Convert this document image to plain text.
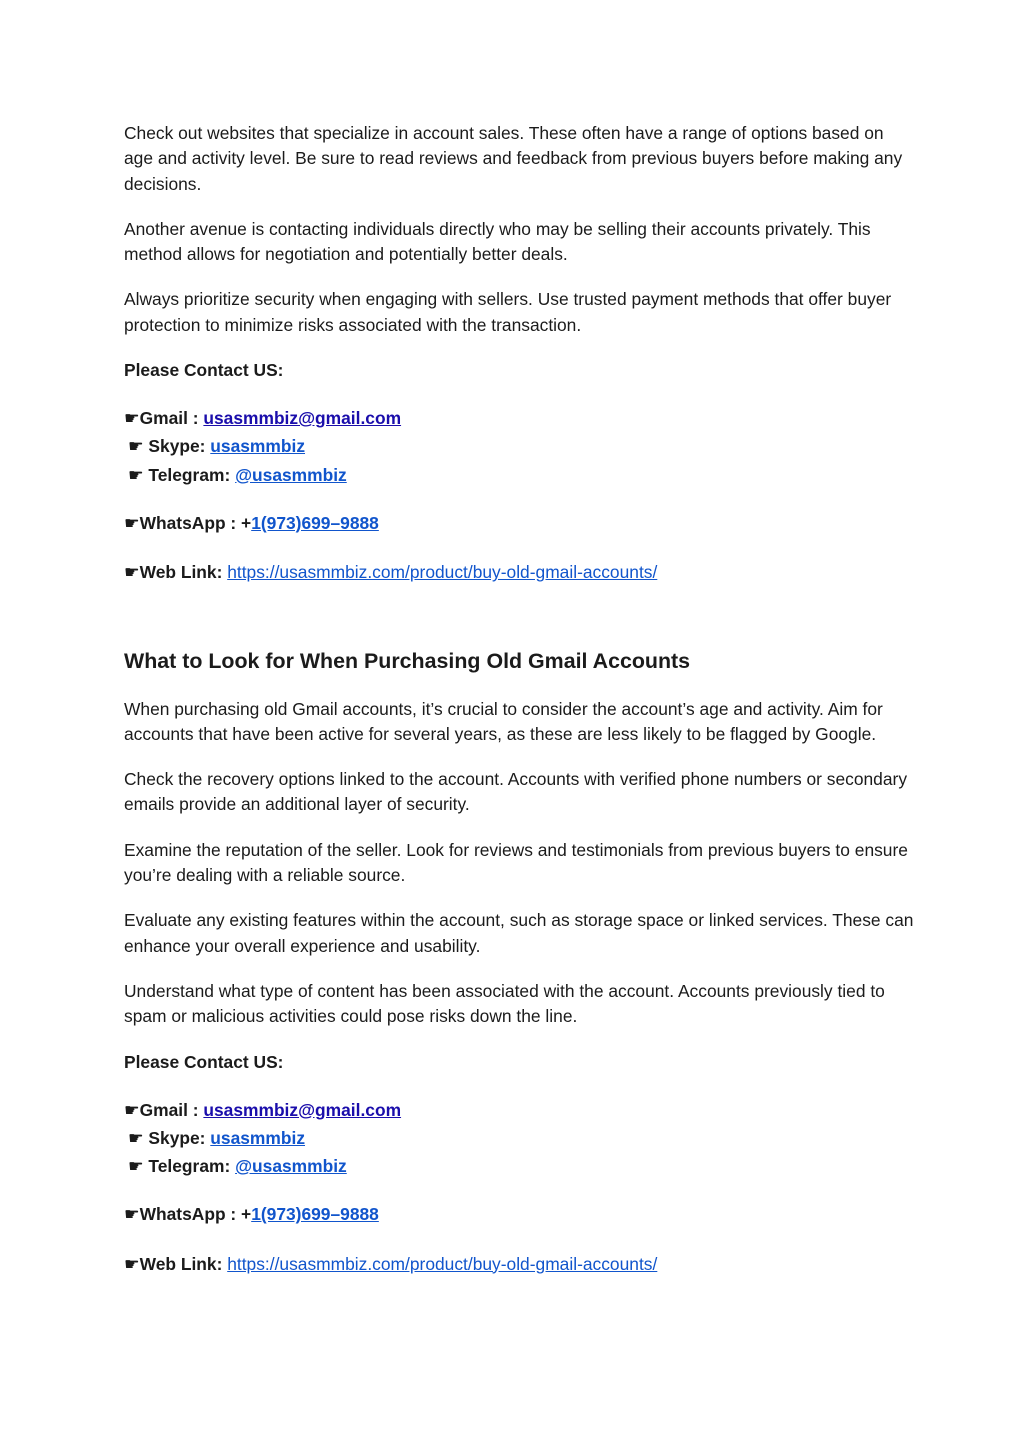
Check out websites that specialize in account sales. These often have a range of options based on age and activity level. Be sure to read reviews and feedback from previous buyers before making any decisions.

Another avenue is contacting individuals directly who may be selling their accounts privately. This method allows for negotiation and potentially better deals.

Always prioritize security when engaging with sellers. Use trusted payment methods that offer buyer protection to minimize risks associated with the transaction.

Please Contact US:

☛Gmail : usasmmbiz@gmail.com
☛ Skype: usasmmbiz
☛ Telegram: @usasmmbiz
☛WhatsApp : +1(973)699–9888
☛Web Link: https://usasmmbiz.com/product/buy-old-gmail-accounts/
What to Look for When Purchasing Old Gmail Accounts

When purchasing old Gmail accounts, it’s crucial to consider the account’s age and activity. Aim for accounts that have been active for several years, as these are less likely to be flagged by Google.

Check the recovery options linked to the account. Accounts with verified phone numbers or secondary emails provide an additional layer of security.

Examine the reputation of the seller. Look for reviews and testimonials from previous buyers to ensure you’re dealing with a reliable source.

Evaluate any existing features within the account, such as storage space or linked services. These can enhance your overall experience and usability.

Understand what type of content has been associated with the account. Accounts previously tied to spam or malicious activities could pose risks down the line.

Please Contact US:

☛Gmail : usasmmbiz@gmail.com
☛ Skype: usasmmbiz
☛ Telegram: @usasmmbiz
☛WhatsApp : +1(973)699–9888
☛Web Link: https://usasmmbiz.com/product/buy-old-gmail-accounts/
